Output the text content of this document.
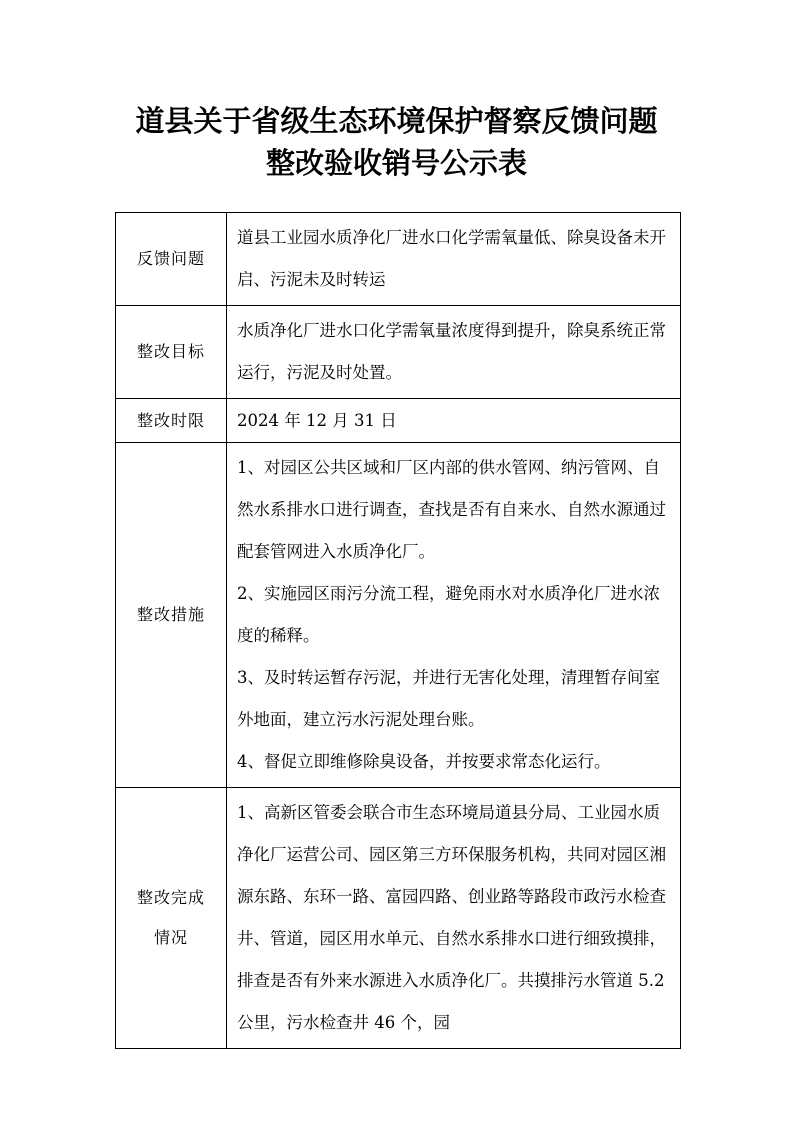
道县关于省级生态环境保护督察反馈问题
整改验收销号公示表
反馈问题	道县工业园水质净化厂进水口化学需氧量低、除臭设备未开启、污泥未及时转运

整改目标	水质净化厂进水口化学需氧量浓度得到提升，除臭系统正常运行，污泥及时处置。

整改时限	2024 年 12 月 31 日

整改措施	1、对园区公共区域和厂区内部的供水管网、纳污管网、自然水系排水口进行调查，查找是否有自来水、自然水源通过配套管网进入水质净化厂。

2、实施园区雨污分流工程，避免雨水对水质净化厂进水浓度的稀释。

3、及时转运暂存污泥，并进行无害化处理，清理暂存间室外地面，建立污水污泥处理台账。

4、督促立即维修除臭设备，并按要求常态化运行。

整改完成
情况	1、高新区管委会联合市生态环境局道县分局、工业园水质净化厂运营公司、园区第三方环保服务机构，共同对园区湘源东路、东环一路、富园四路、创业路等路段市政污水检查井、管道，园区用水单元、自然水系排水口进行细致摸排，排查是否有外来水源进入水质净化厂。共摸排污水管道 5.2 公里，污水检查井 46 个，园
